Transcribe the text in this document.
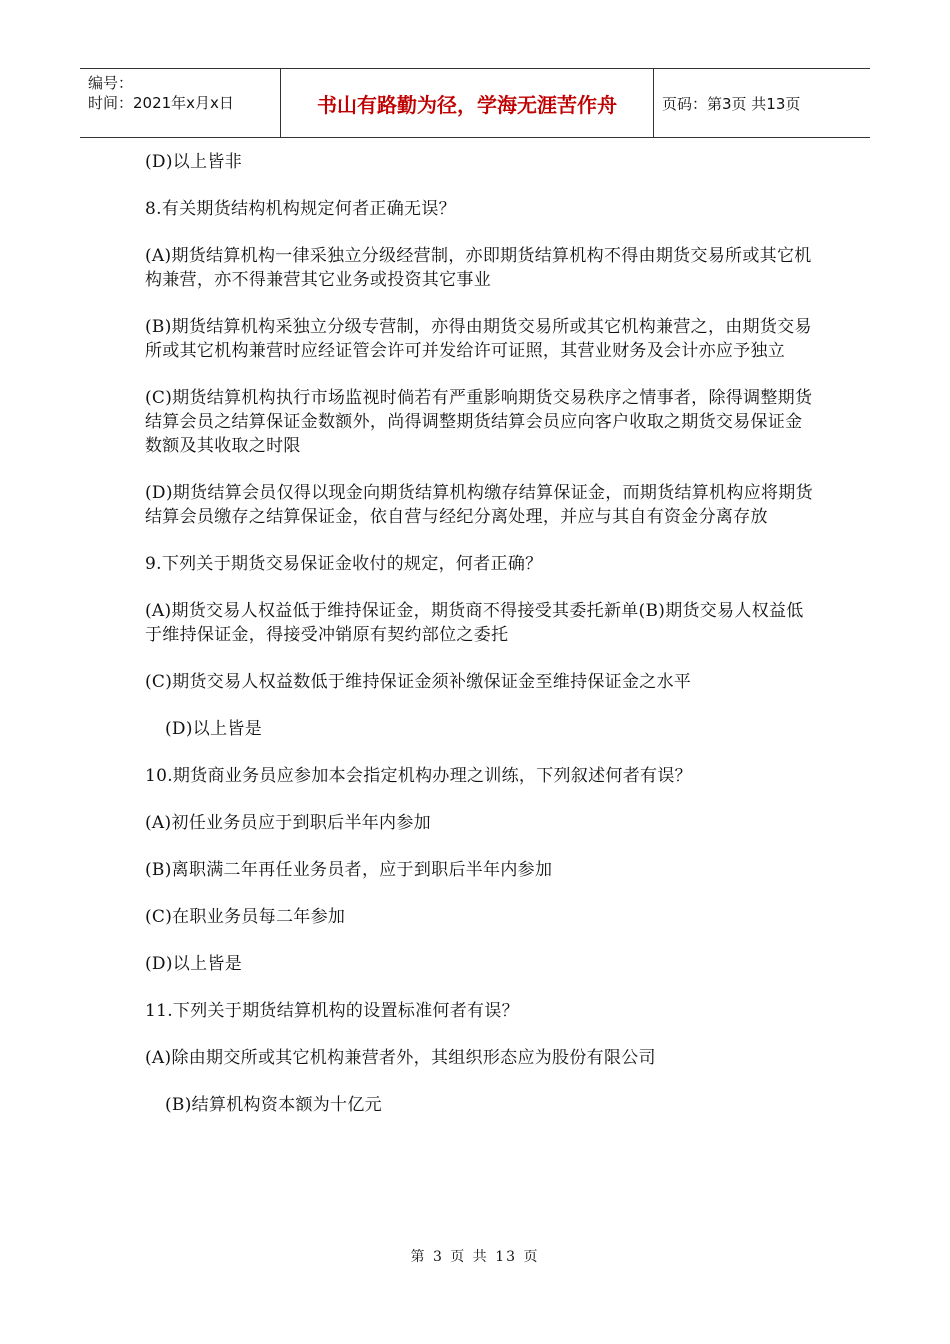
编号：
时间：2021年x月x日	书山有路勤为径，学海无涯苦作舟	页码：第3页 共13页

(D)以上皆非

8.有关期货结构机构规定何者正确无误？

(A)期货结算机构一律采独立分级经营制，亦即期货结算机构不得由期货交易所或其它机构兼营，亦不得兼营其它业务或投资其它事业

(B)期货结算机构采独立分级专营制，亦得由期货交易所或其它机构兼营之，由期货交易所或其它机构兼营时应经证管会许可并发给许可证照，其营业财务及会计亦应予独立

(C)期货结算机构执行市场监视时倘若有严重影响期货交易秩序之情事者，除得调整期货结算会员之结算保证金数额外，尚得调整期货结算会员应向客户收取之期货交易保证金数额及其收取之时限

(D)期货结算会员仅得以现金向期货结算机构缴存结算保证金，而期货结算机构应将期货结算会员缴存之结算保证金，依自营与经纪分离处理，并应与其自有资金分离存放

9.下列关于期货交易保证金收付的规定，何者正确？

(A)期货交易人权益低于维持保证金，期货商不得接受其委托新单(B)期货交易人权益低于维持保证金，得接受冲销原有契约部位之委托

(C)期货交易人权益数低于维持保证金须补缴保证金至维持保证金之水平

(D)以上皆是

10.期货商业务员应参加本会指定机构办理之训练，下列叙述何者有误？

(A)初任业务员应于到职后半年内参加

(B)离职满二年再任业务员者，应于到职后半年内参加

(C)在职业务员每二年参加

(D)以上皆是

11.下列关于期货结算机构的设置标准何者有误？

(A)除由期交所或其它机构兼营者外，其组织形态应为股份有限公司

(B)结算机构资本额为十亿元

第 3 页 共 13 页
